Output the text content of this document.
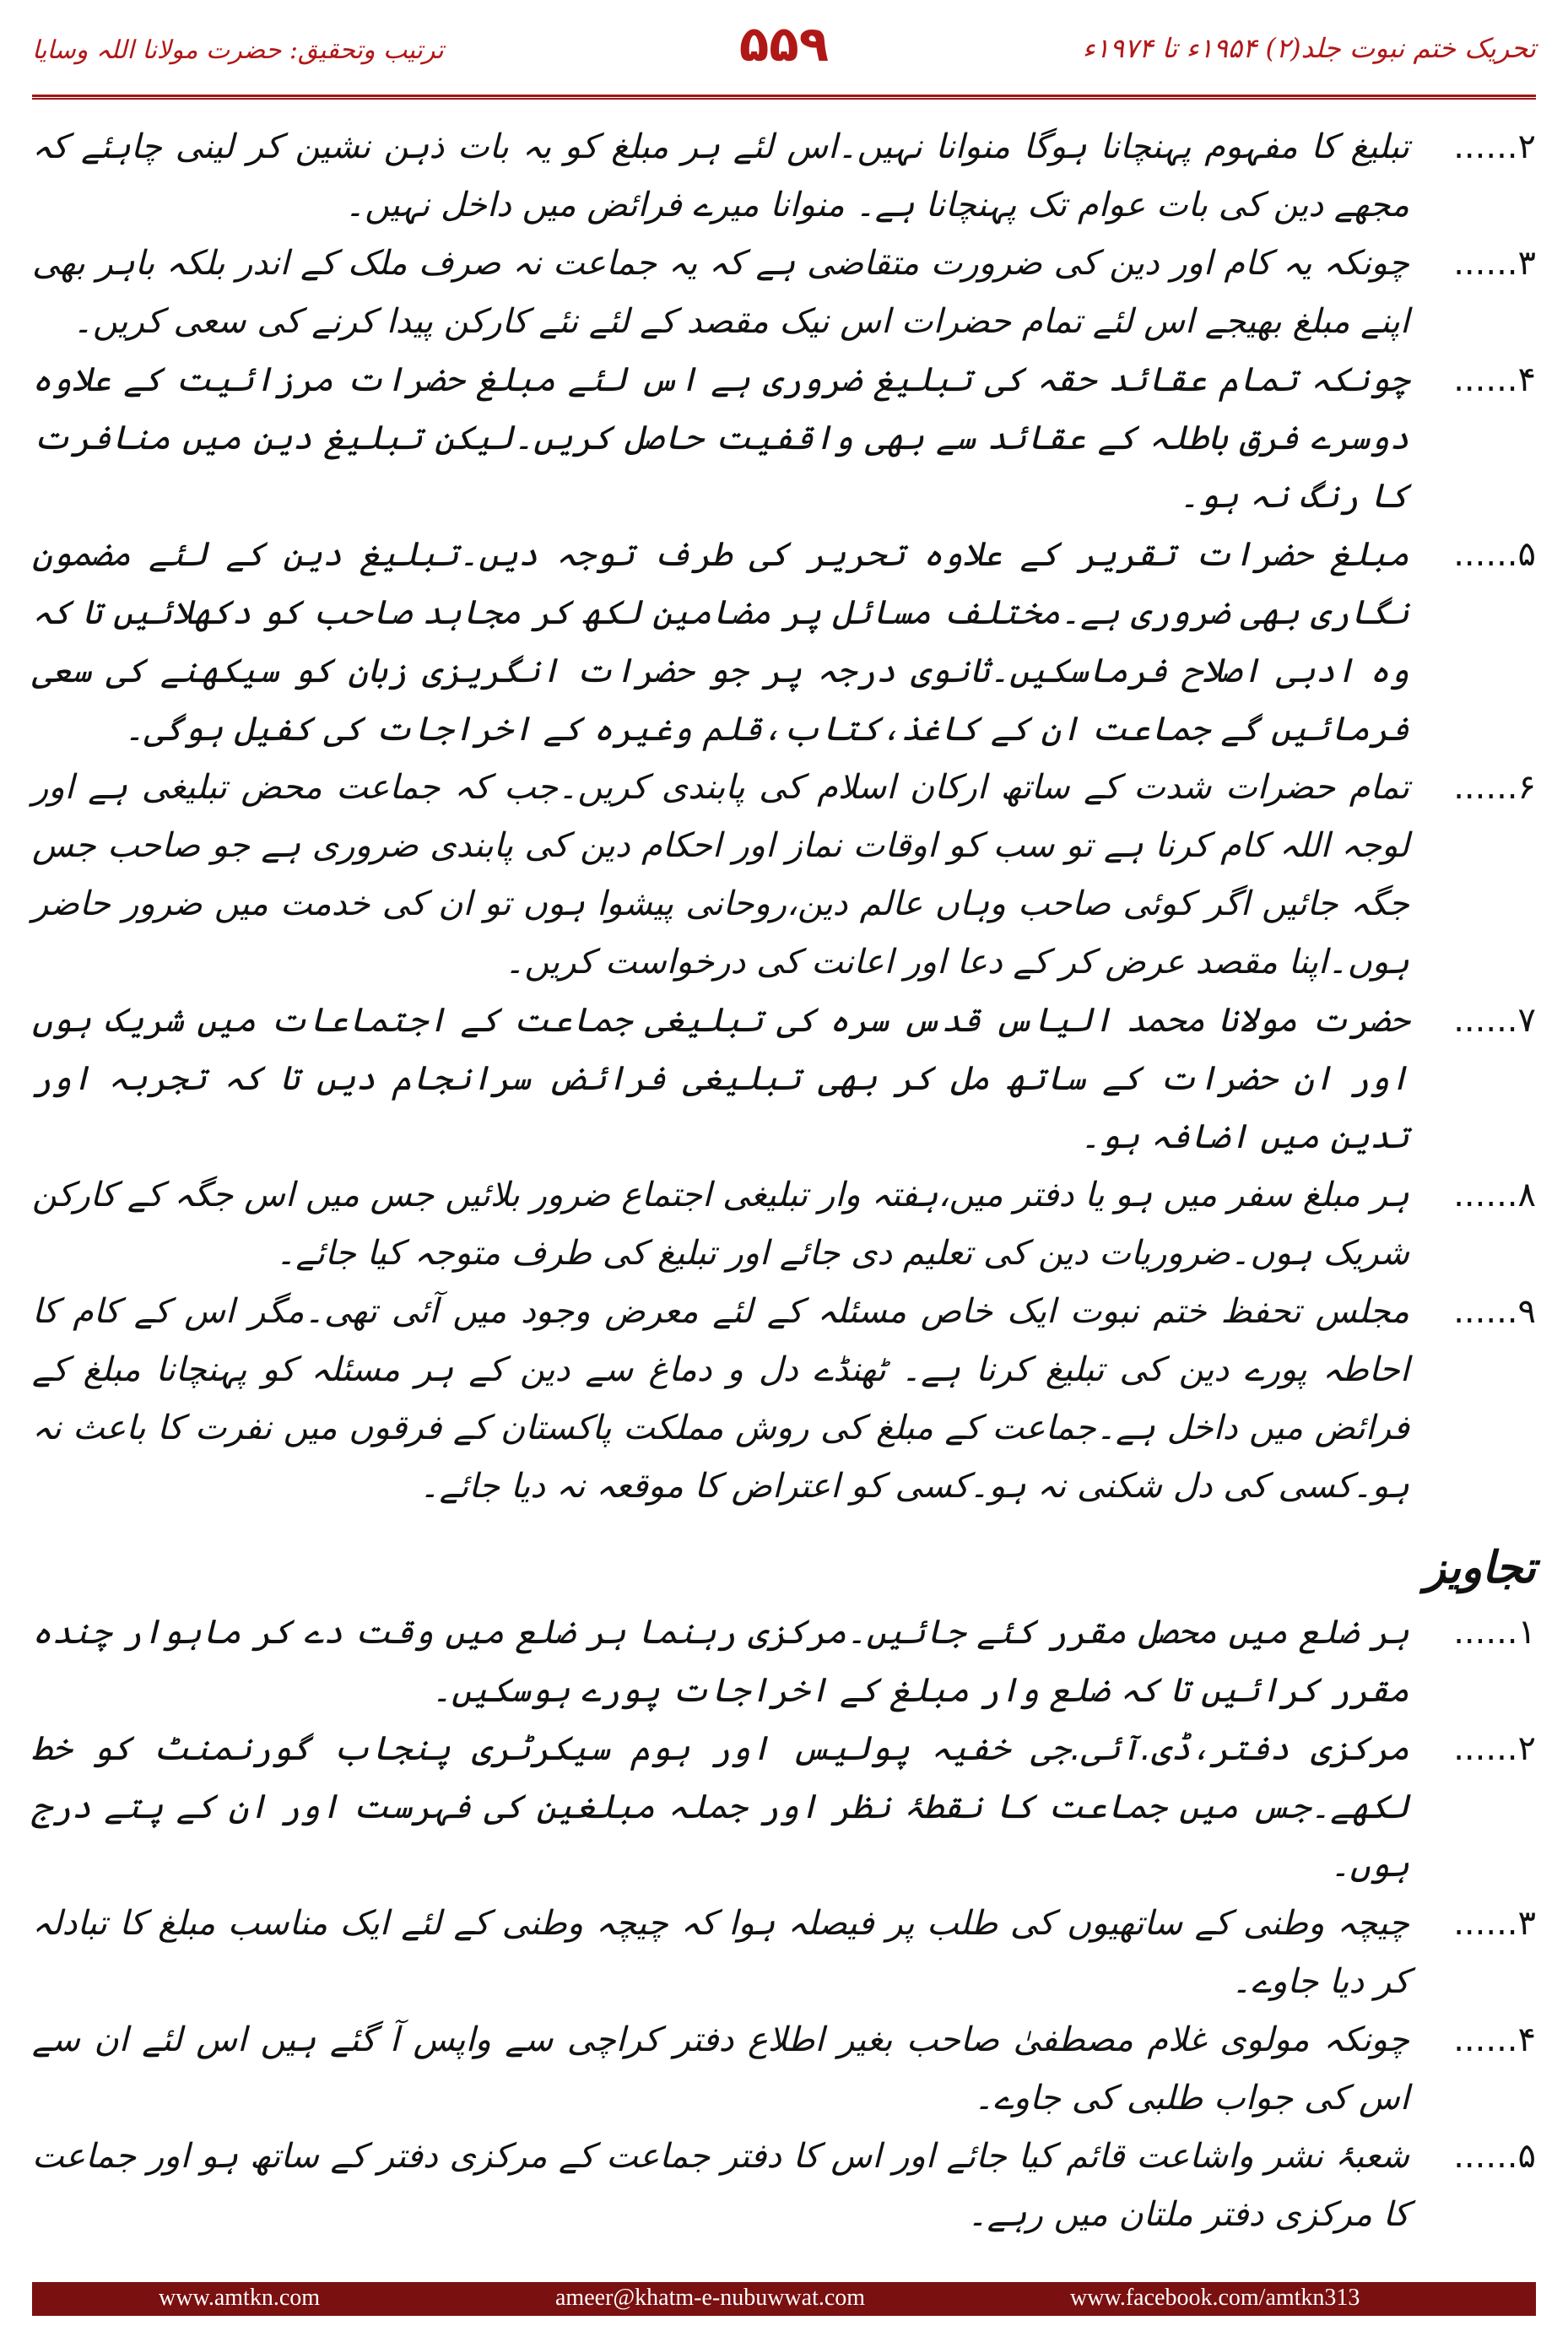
تحریک ختم نبوت جلد(۲) ۱۹۵۴ء تا ۱۹۷۴ء
۵۵۹
ترتیب وتحقیق: حضرت مولانا اللہ وسایا
۲......
تبلیغ کا مفہوم پہنچانا ہوگا منوانا نہیں۔اس لئے ہر مبلغ کو یہ بات ذہن نشین کر لینی چاہئے کہ مجھے دین کی بات عوام تک پہنچانا ہے۔ منوانا میرے فرائض میں داخل نہیں۔
۳......
چونکہ یہ کام اور دین کی ضرورت متقاضی ہے کہ یہ جماعت نہ صرف ملک کے اندر بلکہ باہر بھی اپنے مبلغ بھیجے اس لئے تمام حضرات اس نیک مقصد کے لئے نئے کارکن پیدا کرنے کی سعی کریں۔
۴......
چونکہ تمام عقائد حقہ کی تبلیغ ضروری ہے اس لئے مبلغ حضرات مرزائیت کے علاوہ دوسرے فرق باطلہ کے عقائد سے بھی واقفیت حاصل کریں۔لیکن تبلیغ دین میں منافرت کا رنگ نہ ہو۔
۵......
مبلغ حضرات تقریر کے علاوہ تحریر کی طرف توجہ دیں۔تبلیغ دین کے لئے مضمون نگاری بھی ضروری ہے۔مختلف مسائل پر مضامین لکھ کر مجاہد صاحب کو دکھلائیں تا کہ وہ ادبی اصلاح فرماسکیں۔ثانوی درجہ پر جو حضرات انگریزی زبان کو سیکھنے کی سعی فرمائیں گے جماعت ان کے کاغذ،کتاب،قلم وغیرہ کے اخراجات کی کفیل ہوگی۔
۶......
تمام حضرات شدت کے ساتھ ارکان اسلام کی پابندی کریں۔جب کہ جماعت محض تبلیغی ہے اور لوجہ اللہ کام کرنا ہے تو سب کو اوقات نماز اور احکام دین کی پابندی ضروری ہے جو صاحب جس جگہ جائیں اگر کوئی صاحب وہاں عالم دین،روحانی پیشوا ہوں تو ان کی خدمت میں ضرور حاضر ہوں۔اپنا مقصد عرض کر کے دعا اور اعانت کی درخواست کریں۔
۷......
حضرت مولانا محمد الیاس قدس سرہ کی تبلیغی جماعت کے اجتماعات میں شریک ہوں اور ان حضرات کے ساتھ مل کر بھی تبلیغی فرائض سرانجام دیں تا کہ تجربہ اور تدین میں اضافہ ہو۔
۸......
ہر مبلغ سفر میں ہو یا دفتر میں،ہفتہ وار تبلیغی اجتماع ضرور بلائیں جس میں اس جگہ کے کارکن شریک ہوں۔ضروریات دین کی تعلیم دی جائے اور تبلیغ کی طرف متوجہ کیا جائے۔
۹......
مجلس تحفظ ختم نبوت ایک خاص مسئلہ کے لئے معرض وجود میں آئی تھی۔مگر اس کے کام کا احاطہ پورے دین کی تبلیغ کرنا ہے۔ ٹھنڈے دل و دماغ سے دین کے ہر مسئلہ کو پہنچانا مبلغ کے فرائض میں داخل ہے۔جماعت کے مبلغ کی روش مملکت پاکستان کے فرقوں میں نفرت کا باعث نہ ہو۔کسی کی دل شکنی نہ ہو۔کسی کو اعتراض کا موقعہ نہ دیا جائے۔
تجاویز
۱......
ہر ضلع میں محصل مقرر کئے جائیں۔مرکزی رہنما ہر ضلع میں وقت دے کر ماہوار چندہ مقرر کرائیں تا کہ ضلع وار مبلغ کے اخراجات پورے ہوسکیں۔
۲......
مرکزی دفتر،ڈی.آئی.جی خفیہ پولیس اور ہوم سیکرٹری پنجاب گورنمنٹ کو خط لکھے۔جس میں جماعت کا نقطۂ نظر اور جملہ مبلغین کی فہرست اور ان کے پتے درج ہوں۔
۳......
چیچہ وطنی کے ساتھیوں کی طلب پر فیصلہ ہوا کہ چیچہ وطنی کے لئے ایک مناسب مبلغ کا تبادلہ کر دیا جاوے۔
۴......
چونکہ مولوی غلام مصطفیٰ صاحب بغیر اطلاع دفتر کراچی سے واپس آ گئے ہیں اس لئے ان سے اس کی جواب طلبی کی جاوے۔
۵......
شعبۂ نشر واشاعت قائم کیا جائے اور اس کا دفتر جماعت کے مرکزی دفتر کے ساتھ ہو اور جماعت کا مرکزی دفتر ملتان میں رہے۔
www.amtkn.com	ameer@khatm-e-nubuwwat.com	www.facebook.com/amtkn313
